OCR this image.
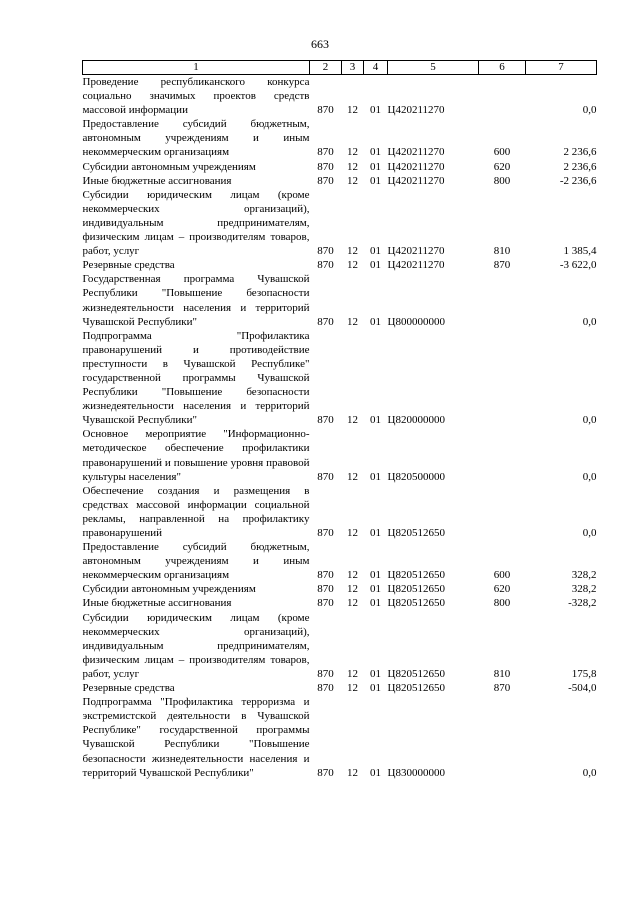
663
1	2	3	4	5	6	7
Проведение республиканского конкурса социально значимых проектов средств массовой информации	870	12	01	Ц420211270		0,0
Предоставление субсидий бюджетным, автономным учреждениям и иным некоммерческим организациям	870	12	01	Ц420211270	600	2 236,6
Субсидии автономным учреждениям	870	12	01	Ц420211270	620	2 236,6
Иные бюджетные ассигнования	870	12	01	Ц420211270	800	-2 236,6
Субсидии юридическим лицам (кроме некоммерческих организаций), индивидуальным предпринимателям, физическим лицам – производителям товаров, работ, услуг	870	12	01	Ц420211270	810	1 385,4
Резервные средства	870	12	01	Ц420211270	870	-3 622,0
Государственная программа Чувашской Республики "Повышение безопасности жизнедеятельности населения и территорий Чувашской Республики"	870	12	01	Ц800000000		0,0
Подпрограмма "Профилактика правонарушений и противодействие преступности в Чувашской Республике" государственной программы Чувашской Республики "Повышение безопасности жизнедеятельности населения и территорий Чувашской Республики"	870	12	01	Ц820000000		0,0
Основное мероприятие "Информационно-методическое обеспечение профилактики правонарушений и повышение уровня правовой культуры населения"	870	12	01	Ц820500000		0,0
Обеспечение создания и размещения в средствах массовой информации социальной рекламы, направленной на профилактику правонарушений	870	12	01	Ц820512650		0,0
Предоставление субсидий бюджетным, автономным учреждениям и иным некоммерческим организациям	870	12	01	Ц820512650	600	328,2
Субсидии автономным учреждениям	870	12	01	Ц820512650	620	328,2
Иные бюджетные ассигнования	870	12	01	Ц820512650	800	-328,2
Субсидии юридическим лицам (кроме некоммерческих организаций), индивидуальным предпринимателям, физическим лицам – производителям товаров, работ, услуг	870	12	01	Ц820512650	810	175,8
Резервные средства	870	12	01	Ц820512650	870	-504,0
Подпрограмма "Профилактика терроризма и экстремистской деятельности в Чувашской Республике" государственной программы Чувашской Республики "Повышение безопасности жизнедеятельности населения и территорий Чувашской Республики"	870	12	01	Ц830000000		0,0
